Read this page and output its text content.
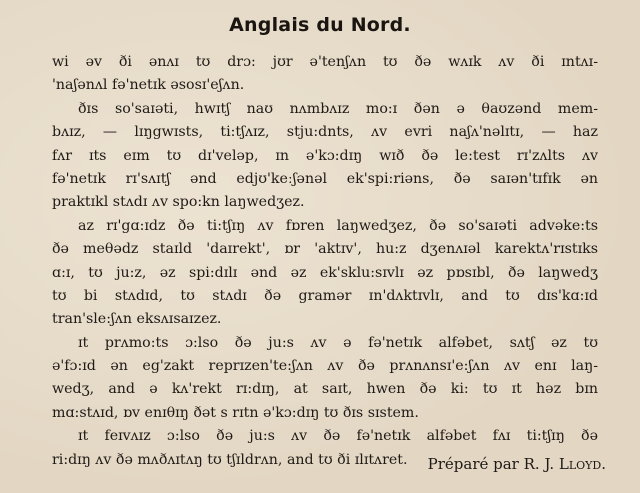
Anglais du Nord.
wi əv ði ənʌɪ tʊ drɔ: jʊr ə'tenʃʌn tʊ ðə wʌɪk ʌv ði ɪntʌɪ-
'naʃənʌl fə'netɪk əsosɪ'eʃʌn.
ðɪs so'saɪəti, hwɪtʃ naʊ nʌmbʌɪz mo:ɪ ðən ə θaʊzənd mem-
bʌɪz, — lɪŋgwɪsts, ti:tʃʌɪz, stju:dnts, ʌv evri naʃʌ'nəlɪtɪ, — haz
fʌr ɪts eɪm tʊ dɪ'veləp, ɪn ə'kɔ:dɪŋ wɪð ðə le:test rɪ'zʌlts ʌv
fə'netɪk rɪ'sʌɪtʃ ənd edjʊ'keːʃənəl ek'spi:riəns, ðə saɪən'tɪfɪk ən
praktɪkl stʌdɪ ʌv spo:kn laŋwedʒez.
az rɪ'gɑ:ɪdz ðə ti:tʃɪŋ ʌv fɒren laŋwedʒez, ðə so'saɪəti advəke:ts
ðə meθədz staɪld 'daɪrekt', ɒr 'aktɪv', hu:z dʒenʌɪəl karektʌ'rɪstɪks
ɑ:ɪ, tʊ ju:z, əz spi:dɪlɪ ənd əz ek'sklu:sɪvlɪ əz pɒsɪbl, ðə laŋwedʒ
tʊ bi stʌdɪd, tʊ stʌdɪ ðə gramər ɪn'dʌktɪvlɪ, and tʊ dɪs'kɑ:ɪd
tran'sle:ʃʌn eksʌɪsaɪzez.
ɪt prʌmo:ts ɔ:lso ðə ju:s ʌv ə fə'netɪk alfəbet, sʌtʃ əz tʊ
ə'fɔ:ɪd ən eg'zakt reprɪzen'te:ʃʌn ʌv ðə prʌnʌnsɪ'e:ʃʌn ʌv enɪ laŋ-
wedʒ, and ə kʌ'rekt rɪ:dɪŋ, at saɪt, hwen ðə ki: tʊ ɪt həz bɪn
mɑ:stʌɪd, ɒv enɪθɪŋ ðət s rɪtn ə'kɔ:dɪŋ tʊ ðɪs sɪstem.
ɪt feɪvʌɪz ɔ:lso ðə ju:s ʌv ðə fə'netɪk alfəbet fʌɪ ti:tʃɪŋ ðə
ri:dɪŋ ʌv ðə mʌðʌɪtʌŋ tʊ tʃɪldrʌn, and tʊ ði ɪlɪtʌret.	Préparé par R. J. Lloyd.
